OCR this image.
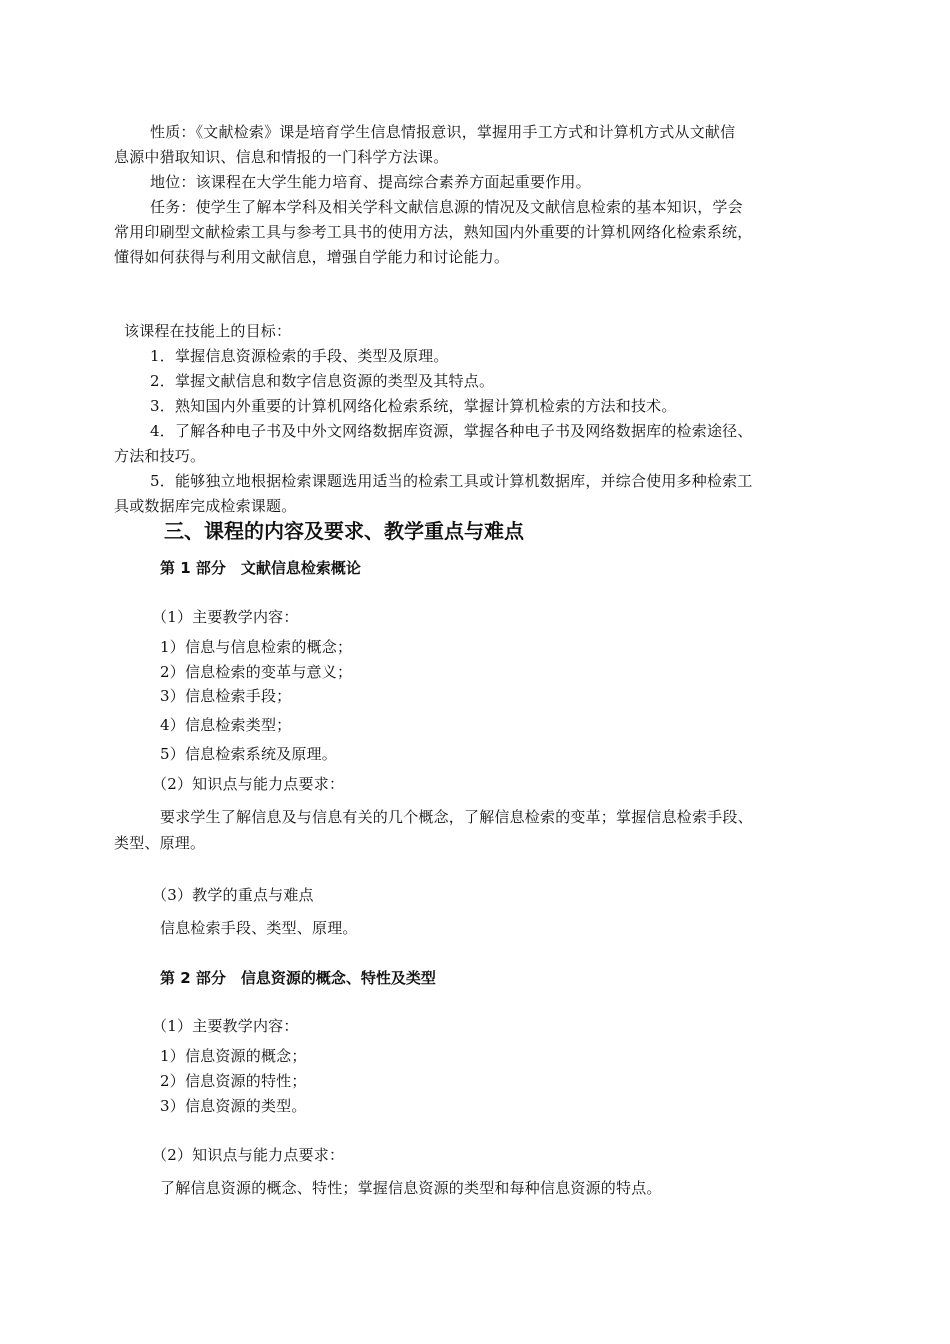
性质：《文献检索》课是培育学生信息情报意识，掌握用手工方式和计算机方式从文献信
息源中猎取知识、信息和情报的一门科学方法课。
地位：该课程在大学生能力培育、提高综合素养方面起重要作用。
任务：使学生了解本学科及相关学科文献信息源的情况及文献信息检索的基本知识，学会
常用印刷型文献检索工具与参考工具书的使用方法，熟知国内外重要的计算机网络化检索系统，
懂得如何获得与利用文献信息，增强自学能力和讨论能力。
该课程在技能上的目标：
1．掌握信息资源检索的手段、类型及原理。
2．掌握文献信息和数字信息资源的类型及其特点。
3．熟知国内外重要的计算机网络化检索系统，掌握计算机检索的方法和技术。
4．了解各种电子书及中外文网络数据库资源，掌握各种电子书及网络数据库的检索途径、
方法和技巧。
5．能够独立地根据检索课题选用适当的检索工具或计算机数据库，并综合使用多种检索工
具或数据库完成检索课题。
三、课程的内容及要求、教学重点与难点
第 1 部分　文献信息检索概论
（1）主要教学内容：
1）信息与信息检索的概念；
2）信息检索的变革与意义；
3）信息检索手段；
4）信息检索类型；
5）信息检索系统及原理。
（2）知识点与能力点要求：
要求学生了解信息及与信息有关的几个概念，了解信息检索的变革；掌握信息检索手段、
类型、原理。
（3）教学的重点与难点
信息检索手段、类型、原理。
第 2 部分　信息资源的概念、特性及类型
（1）主要教学内容：
1）信息资源的概念；
2）信息资源的特性；
3）信息资源的类型。
（2）知识点与能力点要求：
了解信息资源的概念、特性；掌握信息资源的类型和每种信息资源的特点。
